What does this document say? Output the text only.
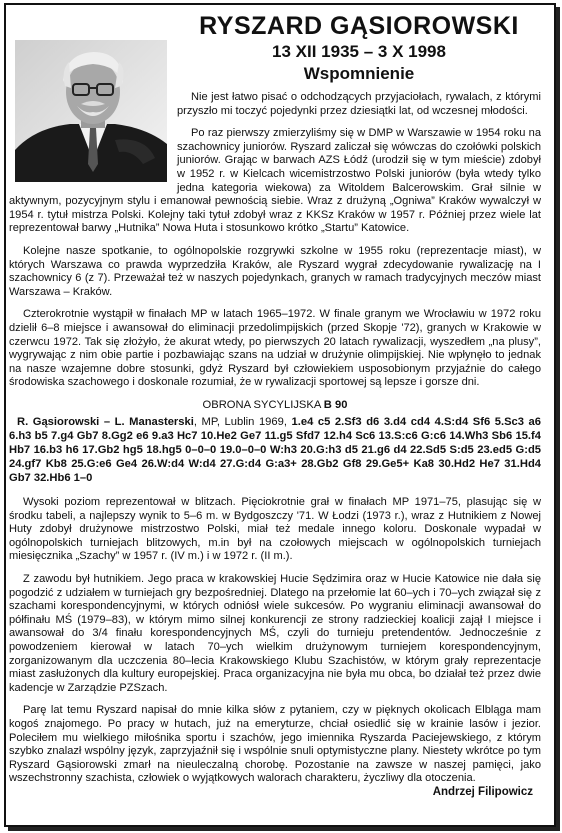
RYSZARD GĄSIOROWSKI
13 XII 1935 – 3 X 1998
Wspomnienie

Nie jest łatwo pisać o odchodzących przyjaciołach, rywalach, z którymi przyszło mi toczyć pojedynki przez dziesiątki lat, od wczesnej młodości.

Po raz pierwszy zmierzyliśmy się w DMP w Warszawie w 1954 roku na szachownicy juniorów. Ryszard zaliczał się wówczas do czołówki polskich juniorów. Grając w barwach AZS Łódź (urodził się w tym mieście) zdobył w 1952 r. w Kielcach wicemistrzostwo Polski juniorów (była wtedy tylko jedna kategoria wiekowa) za Witoldem Balcerowskim. Grał silnie w aktywnym, pozycyjnym stylu i emanował pewnością siebie. Wraz z drużyną „Ogniwa” Kraków wywalczył w 1954 r. tytuł mistrza Polski. Kolejny taki tytuł zdobył wraz z KKSz Kraków w 1957 r. Później przez wiele lat reprezentował barwy „Hutnika” Nowa Huta i stosunkowo krótko „Startu” Katowice.

Kolejne nasze spotkanie, to ogólnopolskie rozgrywki szkolne w 1955 roku (reprezentacje miast), w których Warszawa co prawda wyprzedziła Kraków, ale Ryszard wygrał zdecydowanie rywalizację na I szachownicy 6 (z 7). Przeważał też w naszych pojedynkach, granych w ramach tradycyjnych meczów miast Warszawa – Kraków.

Czterokrotnie wystąpił w finałach MP w latach 1965–1972. W finale granym we Wrocławiu w 1972 roku dzielił 6–8 miejsce i awansował do eliminacji przedolimpijskich (przed Skopje '72), granych w Krakowie w czerwcu 1972. Tak się złożyło, że akurat wtedy, po pierwszych 20 latach rywalizacji, wyszedłem „na plusy”, wygrywając z nim obie partie i pozbawiając szans na udział w drużynie olimpijskiej. Nie wpłynęło to jednak na nasze wzajemne dobre stosunki, gdyż Ryszard był człowiekiem usposobionym przyjaźnie do całego środowiska szachowego i doskonale rozumiał, że w rywalizacji sportowej są lepsze i gorsze dni.

OBRONA SYCYLIJSKA B 90

R. Gąsiorowski – L. Manasterski, MP, Lublin 1969, 1.e4 c5 2.Sf3 d6 3.d4 cd4 4.S:d4 Sf6 5.Sc3 a6 6.h3 b5 7.g4 Gb7 8.Gg2 e6 9.a3 Hc7 10.He2 Ge7 11.g5 Sfd7 12.h4 Sc6 13.S:c6 G:c6 14.Wh3 Sb6 15.f4 Hb7 16.b3 h6 17.Gb2 hg5 18.hg5 0–0–0 19.0–0–0 W:h3 20.G:h3 d5 21.g6 d4 22.Sd5 S:d5 23.ed5 G:d5 24.gf7 Kb8 25.G:e6 Ge4 26.W:d4 W:d4 27.G:d4 G:a3+ 28.Gb2 Gf8 29.Ge5+ Ka8 30.Hd2 He7 31.Hd4 Gb7 32.Hb6 1–0

Wysoki poziom reprezentował w blitzach. Pięciokrotnie grał w finałach MP 1971–75, plasując się w środku tabeli, a najlepszy wynik to 5–6 m. w Bydgoszczy '71. W Łodzi (1973 r.), wraz z Hutnikiem z Nowej Huty zdobył drużynowe mistrzostwo Polski, miał też medale innego koloru. Doskonale wypadał w ogólnopolskich turniejach blitzowych, m.in był na czołowych miejscach w ogólnopolskich turniejach miesięcznika „Szachy” w 1957 r. (IV m.) i w 1972 r. (II m.).

Z zawodu był hutnikiem. Jego praca w krakowskiej Hucie Sędzimira oraz w Hucie Katowice nie dała się pogodzić z udziałem w turniejach gry bezpośredniej. Dlatego na przełomie lat 60–ych i 70–ych związał się z szachami korespondencyjnymi, w których odniósł wiele sukcesów. Po wygraniu eliminacji awansował do półfinału MŚ (1979–83), w którym mimo silnej konkurencji ze strony radzieckiej koalicji zajął I miejsce i awansował do 3/4 finału korespondencyjnych MŚ, czyli do turnieju pretendentów. Jednocześnie z powodzeniem kierował w latach 70–ych wielkim drużynowym turniejem korespondencyjnym, zorganizowanym dla uczczenia 80–lecia Krakowskiego Klubu Szachistów, w którym grały reprezentacje miast zasłużonych dla kultury europejskiej. Praca organizacyjna nie była mu obca, bo działał też przez dwie kadencje w Zarządzie PZSzach.

Parę lat temu Ryszard napisał do mnie kilka słów z pytaniem, czy w pięknych okolicach Elbląga mam kogoś znajomego. Po pracy w hutach, już na emeryturze, chciał osiedlić się w krainie lasów i jezior. Poleciłem mu wielkiego miłośnika sportu i szachów, jego imiennika Ryszarda Paciejewskiego, z którym szybko znalazł wspólny język, zaprzyjaźnił się i wspólnie snuli optymistyczne plany. Niestety wkrótce po tym Ryszard Gąsiorowski zmarł na nieuleczalną chorobę. Pozostanie na zawsze w naszej pamięci, jako wszechstronny szachista, człowiek o wyjątkowych walorach charakteru, życzliwy dla otoczenia.

Andrzej Filipowicz
